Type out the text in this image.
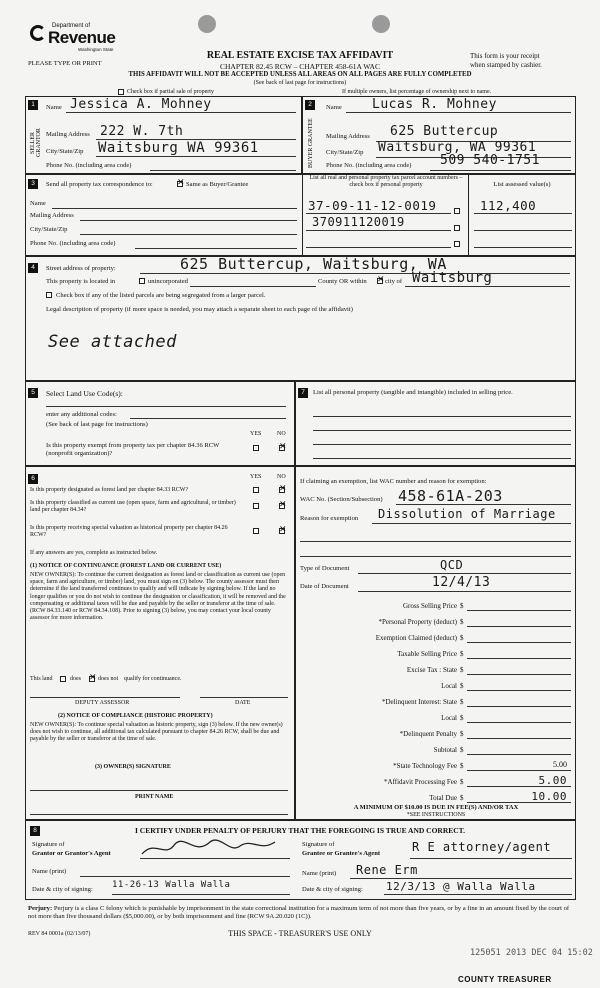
Department of
Revenue
Washington State
PLEASE TYPE OR PRINT
REAL ESTATE EXCISE TAX AFFIDAVIT
CHAPTER 82.45 RCW – CHAPTER 458-61A WAC
This form is your receipt
when stamped by cashier.
THIS AFFIDAVIT WILL NOT BE ACCEPTED UNLESS ALL AREAS ON ALL PAGES ARE FULLY COMPLETED
(See back of last page for instructions)
Check box if partial sale of property	If multiple owners, list percentage of ownership next to name.
1
SELLER GRANTOR
2
BUYER GRANTEE
Name Jessica A. Mohney
Mailing Address 222 W. 7th
City/State/Zip Waitsburg WA 99361
Phone No. (including area code)
Name Lucas R. Mohney
Mailing Address 625 Buttercup
City/State/Zip Waitsburg, WA 99361
Phone No. (including area code) 509 540-1751
3	Send all property tax correspondence to: ✕	Same as Buyer/Grantee
Name
Mailing Address
City/State/Zip
Phone No. (including area code)
List all real and personal property tax parcel account numbers – check box if personal property	List assessed value(s)
37-09-11-12-0019	112,400
370911120019
4	Street address of property:	625 Buttercup, Waitsburg, WA
This property is located in	unincorporated	County OR within ✕	city of Waitsburg
Check box if any of the listed parcels are being segregated from a larger parcel.
Legal description of property (if more space is needed, you may attach a separate sheet to each page of the affidavit)
See attached
5	Select Land Use Code(s):
enter any additional codes:
(See back of last page for instructions)
YES	NO
Is this property exempt from property tax per chapter 84.36 RCW (nonprofit organization)?
✕
7	List all personal property (tangible and intangible) included in selling price.
6	YES	NO
Is this property designated as forest land per chapter 84.33 RCW?
✕
Is this property classified as current use (open space, farm and agricultural, or timber) land per chapter 84.34?
✕
Is this property receiving special valuation as historical property per chapter 84.26 RCW?
✕
If any answers are yes, complete as instructed below.
(1) NOTICE OF CONTINUANCE (FOREST LAND OR CURRENT USE)
NEW OWNER(S): To continue the current designation as forest land or classification as current use (open space, farm and agriculture, or timber) land, you must sign on (3) below. The county assessor must then determine if the land transferred continues to qualify and will indicate by signing below. If the land no longer qualifies or you do not wish to continue the designation or classification, it will be removed and the compensating or additional taxes will be due and payable by the seller or transferor at the time of sale. (RCW 84.33.140 or RCW 84.34.108). Prior to signing (3) below, you may contact your local county assessor for more information.
This land	does ✕	does not qualify for continuance.
DEPUTY ASSESSOR	DATE
(2) NOTICE OF COMPLIANCE (HISTORIC PROPERTY)
NEW OWNER(S): To continue special valuation as historic property, sign (3) below. If the new owner(s) does not wish to continue, all additional tax calculated pursuant to chapter 84.26 RCW, shall be due and payable by the seller or transferor at the time of sale.
(3) OWNER(S) SIGNATURE
PRINT NAME
If claiming an exemption, list WAC number and reason for exemption:
WAC No. (Section/Subsection) 458-61A-203
Reason for exemption Dissolution of Marriage
Type of Document	QCD
Date of Document	12/4/13
Gross Selling Price $
*Personal Property (deduct) $
Exemption Claimed (deduct) $
Taxable Selling Price $
Excise Tax : State $
Local $
*Delinquent Interest: State $
Local $
*Delinquent Penalty $
Subtotal $
*State Technology Fee $	5.00
*Affidavit Processing Fee $	5.00
Total Due $	10.00
A MINIMUM OF $10.00 IS DUE IN FEE(S) AND/OR TAX
*SEE INSTRUCTIONS
8	I CERTIFY UNDER PENALTY OF PERJURY THAT THE FOREGOING IS TRUE AND CORRECT.
Signature of
Grantor or Grantor's Agent
Name (print)
Date & city of signing: 11-26-13 Walla Walla
Signature of
Grantee or Grantee's Agent	R E attorney/agent
Name (print) Rene Erm
Date & city of signing: 12/3/13 @ Walla Walla
Perjury: Perjury is a class C felony which is punishable by imprisonment in the state correctional institution for a maximum term of not more than five years, or by a fine in an amount fixed by the court of not more than five thousand dollars ($5,000.00), or by both imprisonment and fine (RCW 9A.20.020 (1C)).
REV 84 0001a (02/13/07)	THIS SPACE - TREASURER'S USE ONLY
125051 2013 DEC 04 15:02
COUNTY TREASURER
